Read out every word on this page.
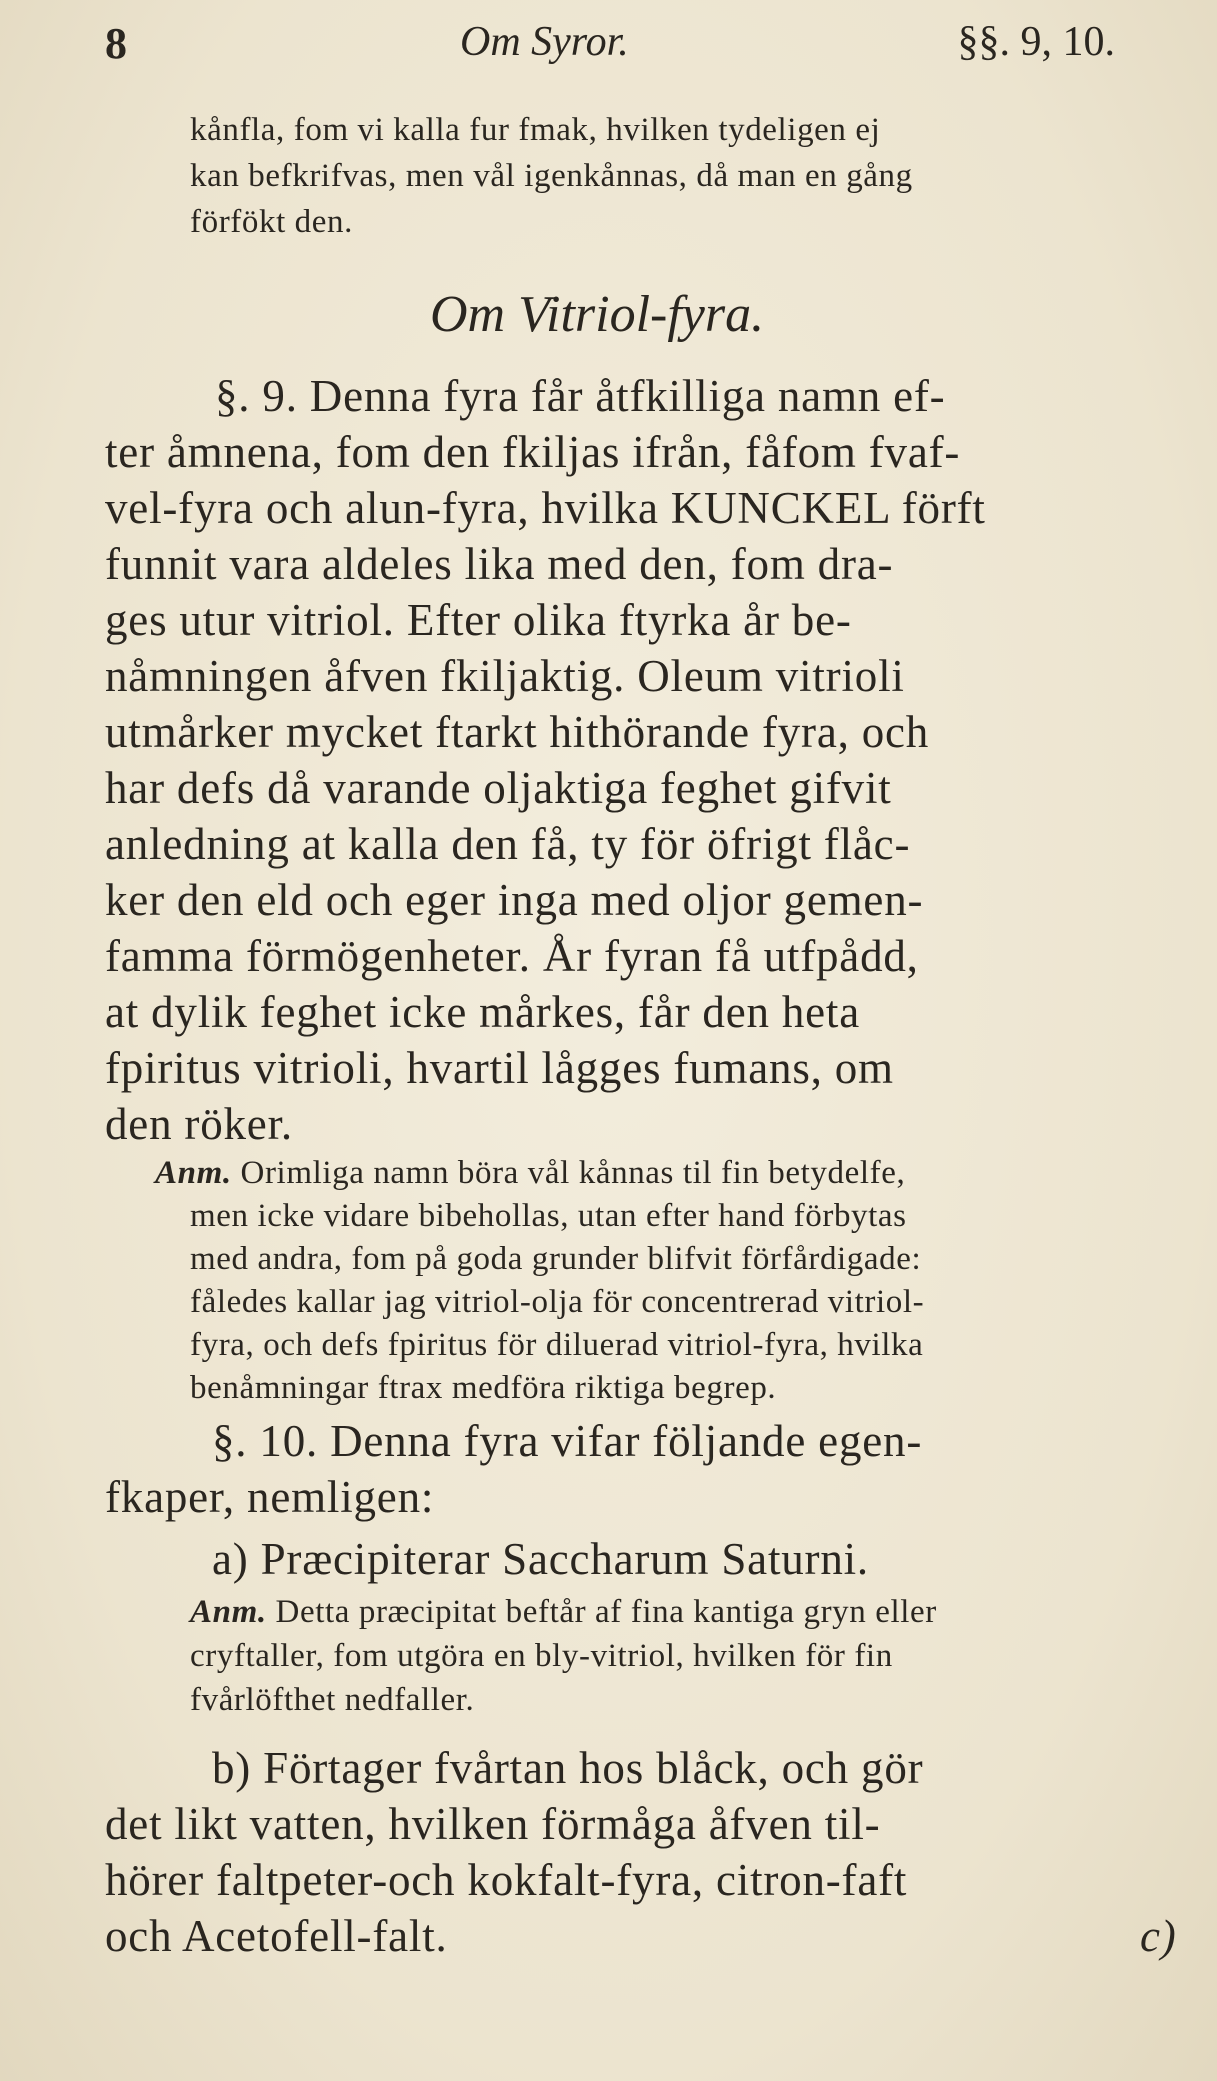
8	Om Syror.	§§. 9, 10.
kånfla, fom vi kalla fur fmak, hvilken tydeligen ej
kan befkrifvas, men vål igenkånnas, då man en gång
förfökt den.
Om Vitriol-fyra.
§. 9. Denna fyra får åtfkilliga namn ef-
ter åmnena, fom den fkiljas ifrån, fåfom fvaf-
vel-fyra och alun-fyra, hvilka KUNCKEL förft
funnit vara aldeles lika med den, fom dra-
ges utur vitriol. Efter olika ftyrka år be-
nåmningen åfven fkiljaktig. Oleum vitrioli
utmårker mycket ftarkt hithörande fyra, och
har defs då varande oljaktiga feghet gifvit
anledning at kalla den få, ty för öfrigt flåc-
ker den eld och eger inga med oljor gemen-
famma förmögenheter. År fyran få utfpådd,
at dylik feghet icke mårkes, får den heta
fpiritus vitrioli, hvartil lågges fumans, om
den röker.
Anm. Orimliga namn böra vål kånnas til fin betydelfe,
men icke vidare bibehollas, utan efter hand förbytas
med andra, fom på goda grunder blifvit förfårdigade:
fåledes kallar jag vitriol-olja för concentrerad vitriol-
fyra, och defs fpiritus för diluerad vitriol-fyra, hvilka
benåmningar ftrax medföra riktiga begrep.
§. 10. Denna fyra vifar följande egen-
fkaper, nemligen:
a) Præcipiterar Saccharum Saturni.
Anm. Detta præcipitat beftår af fina kantiga gryn eller
cryftaller, fom utgöra en bly-vitriol, hvilken för fin
fvårlöfthet nedfaller.
b) Förtager fvårtan hos blåck, och gör
det likt vatten, hvilken förmåga åfven til-
hörer faltpeter-och kokfalt-fyra, citron-faft
och Acetofell-falt.	c)
